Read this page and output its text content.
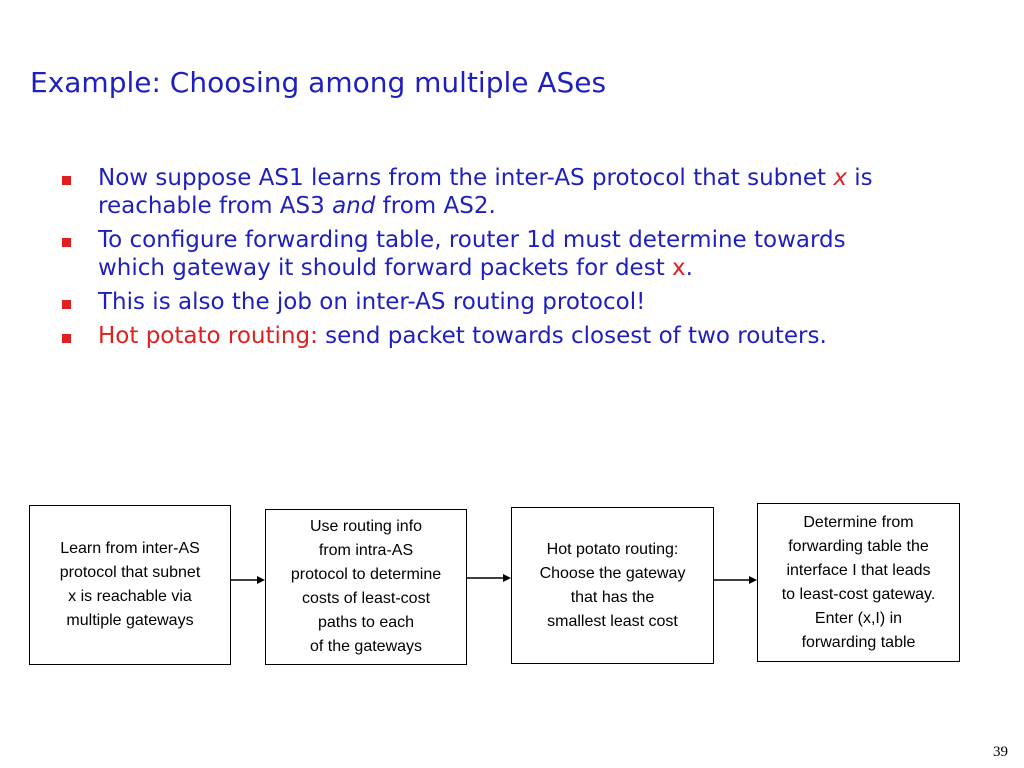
Example: Choosing among multiple ASes
Now suppose AS1 learns from the inter-AS protocol that subnet x is reachable from AS3 and from AS2.
To configure forwarding table, router 1d must determine towards which gateway it should forward packets for dest x.
This is also the job on inter-AS routing protocol!
Hot potato routing: send packet towards closest of two routers.
Learn from inter-AS
protocol that subnet
x is reachable via
multiple gateways
Use routing info
from intra-AS
protocol to determine
costs of least-cost
paths to each
of the gateways
Hot potato routing:
Choose the gateway
that has the
smallest least cost
Determine from
forwarding table the
interface I that leads
to least-cost gateway.
Enter (x,I) in
forwarding table
39
